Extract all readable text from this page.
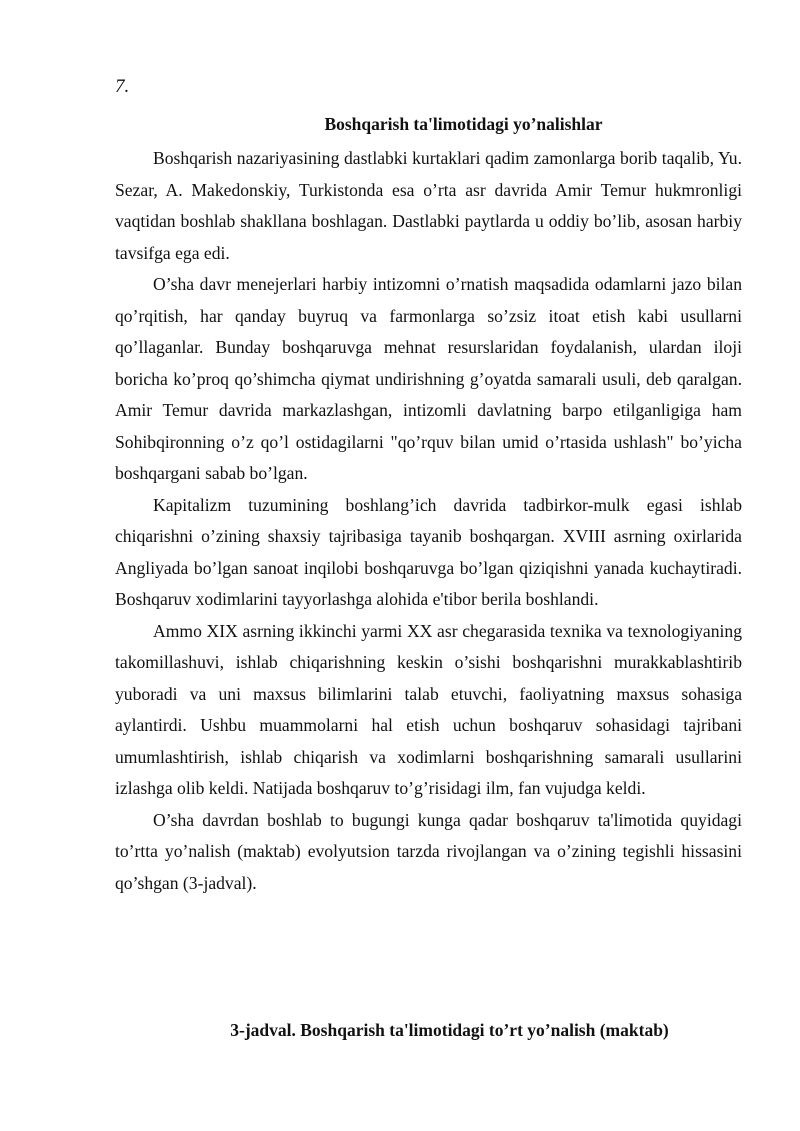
7.
Boshqarish ta'limotidagi yo’nalishlar

Boshqarish nazariyasining dastlabki kurtaklari qadim zamonlarga borib taqalib, Yu. Sezar, A. Makedonskiy, Turkistonda esa o’rta asr davrida Amir Temur hukmronligi vaqtidan boshlab shakllana boshlagan. Dastlabki paytlarda u oddiy bo’lib, asosan harbiy tavsifga ega edi.

O’sha davr menejerlari harbiy intizomni o’rnatish maqsadida odamlarni jazo bilan qo’rqitish, har qanday buyruq va farmonlarga so’zsiz itoat etish kabi usullarni qo’llaganlar. Bunday boshqaruvga mehnat resurslaridan foydalanish, ulardan iloji boricha ko’proq qo’shimcha qiymat undirishning g’oyatda samarali usuli, deb qaralgan. Amir Temur davrida markazlashgan, intizomli davlatning barpo etilganligiga ham Sohibqironning o’z qo’l ostidagilarni "qo’rquv bilan umid o’rtasida ushlash" bo’yicha boshqargani sabab bo’lgan.

Kapitalizm tuzumining boshlang’ich davrida tadbirkor-mulk egasi ishlab chiqarishni o’zining shaxsiy tajribasiga tayanib boshqargan. XVIII asrning oxirlarida Angliyada bo’lgan sanoat inqilobi boshqaruvga bo’lgan qiziqishni yanada kuchaytiradi. Boshqaruv xodimlarini tayyorlashga alohida e'tibor berila boshlandi.

Ammo XIX asrning ikkinchi yarmi XX asr chegarasida texnika va texnologiyaning takomillashuvi, ishlab chiqarishning keskin o’sishi boshqarishni murakkablashtirib yuboradi va uni maxsus bilimlarini talab etuvchi, faoliyatning maxsus sohasiga aylantirdi. Ushbu muammolarni hal etish uchun boshqaruv sohasidagi tajribani umumlashtirish, ishlab chiqarish va xodimlarni boshqarishning samarali usullarini izlashga olib keldi. Natijada boshqaruv to’g’risidagi ilm, fan vujudga keldi.

O’sha davrdan boshlab to bugungi kunga qadar boshqaruv ta'limotida quyidagi to’rtta yo’nalish (maktab) evolyutsion tarzda rivojlangan va o’zining tegishli hissasini qo’shgan (3-jadval).

3-jadval. Boshqarish ta'limotidagi to’rt yo’nalish (maktab)
